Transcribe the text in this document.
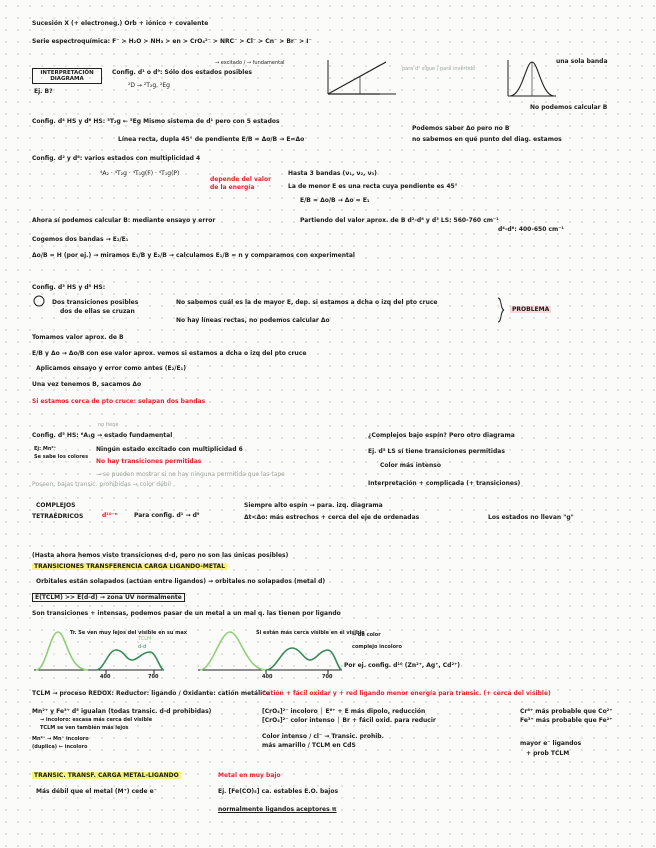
Sucesión X (+ electroneg.) Orb + iónico + covalente
Serie espectroquímica: F⁻ > H₂O > NH₃ > en > CrO₄²⁻ > NRC⁻ > Cl⁻ > Cn⁻ > Br⁻ > I⁻
INTERPRETACIÓN DIAGRAMA
Ej. B?
Config. d¹ o d⁹: Sólo dos estados posibles
→ excitado / → fundamental
²D → ²T₂g, ²Eg
para d¹ sigue / para invertido
una sola banda
No podemos calcular B
Config. d⁴ HS y d⁶ HS: ⁵T₂g ← ⁵Eg Mismo sistema de d¹ pero con 5 estados
Línea recta, dupla 45° de pendiente E/B = Δo/B → E=Δo
Podemos saber Δo pero no B
no sabemos en qué punto del diag. estamos
Config. d² y d⁸: varios estados con multiplicidad 4
⁴A₂ · ⁴T₂g · ⁴T₁g(F) · ⁴T₁g(P)
depende del valor
de la energía
Hasta 3 bandas (ν₁, ν₂, ν₃)
La de menor E es una recta cuya pendiente es 45°
E/B = Δo/B → Δo = E₁
Ahora sí podemos calcular B: mediante ensayo y error	Partiendo del valor aprox. de B d²-d⁸ y d³ LS: 560-760 cm⁻¹
d⁴-d⁶: 400-650 cm⁻¹
Cogemos dos bandas → E₂/E₁
Δo/B = H (por ej.) → miramos E₁/B y E₂/B → calculamos E₁/B = n y comparamos con experimental
Config. d³ HS y d⁵ HS:
Dos transiciones posibles
dos de ellas se cruzan
No sabemos cuál es la de mayor E, dep. si estamos a dcha o izq del pto cruce
No hay líneas rectas, no podemos calcular Δo
PROBLEMA
Tomamos valor aprox. de B
E/B y Δo → Δo/B con ese valor aprox. vemos si estamos a dcha o izq del pto cruce
Aplicamos ensayo y error como antes (E₂/E₁)
Una vez tenemos B, sacamos Δo
Si estamos cerca de pto cruce: solapan dos bandas
Config. d⁵ HS: ⁶A₁g → estado fundamental
no tiene
¿Complejos bajo espín? Pero otro diagrama
Ej: Mn²⁺
Se sabe los colores
Ningún estado excitado con multiplicidad 6
No hay transiciones permitidas
Ej. d⁵ LS sí tiene transiciones permitidas
Color más intenso
→ se pueden mostrar si no hay ninguna permitida que las tape
Poseen: bajas transic. prohibidas → color débil	Interpretación + complicada (+ transiciones)
COMPLEJOS
TETRAÉDRICOS	d¹⁰⁻ⁿ	Para config. d¹ → d⁹
Siempre alto espín → para. izq. diagrama
Δt<Δo: más estrechos + cerca del eje de ordenadas	Los estados no llevan "g"
(Hasta ahora hemos visto transiciones d-d, pero no son las únicas posibles)
TRANSICIONES TRANSFERENCIA CARGA LIGANDO-METAL
Orbitales están solapados (actúan entre ligandos) → orbitales no solapados (metal d)
E(TCLM) >> E(d-d) → zona UV normalmente
Son transiciones + intensas, podemos pasar de un metal a un mal q. las tienen por ligando
Tr. Se ven muy lejos del visible en su max
TCLM
d-d
400	700
Si están más cerca visible en el visible
→ de color
complejo incoloro
400	700
Por ej. config. d¹⁰ (Zn²⁺, Ag⁺, Cd²⁺)
TCLM → proceso REDOX: Reductor: ligando / Oxidante: catión metálico
Catión + fácil oxidar y + red ligando menor energía para transic. (+ cerca del visible)
Mn²⁺ y Fe³⁺ d⁵ igualan (todas transic. d-d prohibidas)
→ incoloro: escasa más cerca del visible
TCLM se ven también más lejos
Mn²⁺ → Mn⁺ incoloro
(duplica) ← incoloro
[CrO₄]²⁻ incoloro │ E⁶⁺ + E más dipolo, reducción
[CrO₄]²⁻ color intenso │ Br + fácil oxid. para reducir
Cr⁶⁺ más probable que Co²⁺
Fe³⁺ más probable que Fe²⁺
Color intenso / cl⁻ → Transic. prohib.
más amarillo / TCLM en CdS	mayor e⁻ ligandos
+ prob TCLM
TRANSIC. TRANSF. CARGA METAL-LIGANDO	Metal en muy bajo
Más débil que el metal (M⁺) cede e⁻	Ej. [Fe(CO)₅] ca. estables E.O. bajos
normalmente ligandos aceptores π
